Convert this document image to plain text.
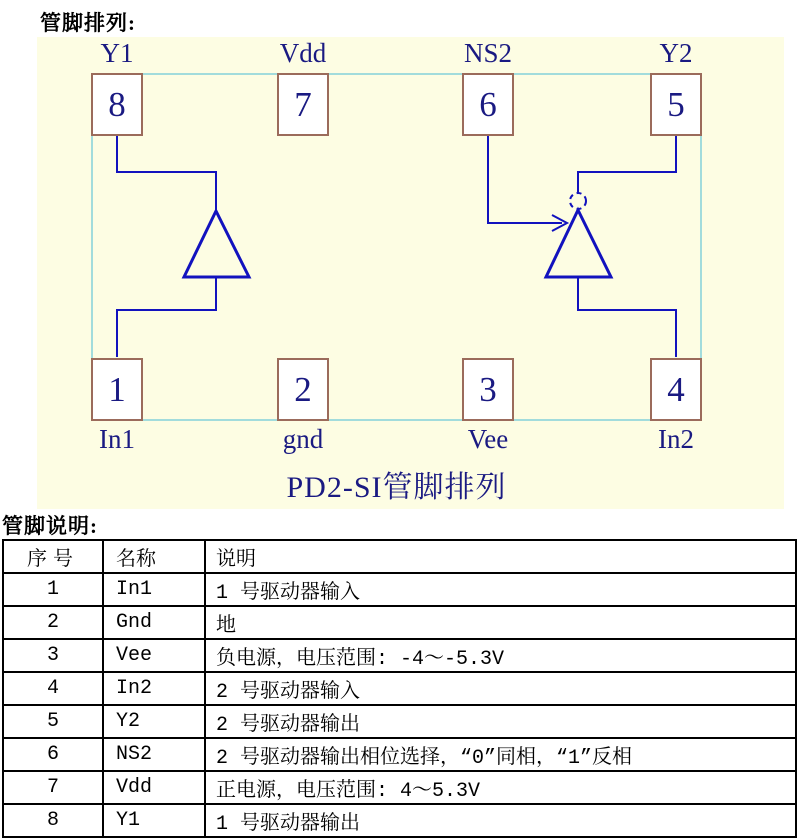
管脚排列:
Y1	Vdd	NS2	Y2
8	7	6	5
1	2	3	4
In1	gnd	Vee	In2
PD2-SI管脚排列
管脚说明:
序号	名称	说明
1	In1	1 号驱动器输入
2	Gnd	地
3	Vee	负电源，电压范围: -4～-5.3V
4	In2	2 号驱动器输入
5	Y2	2 号驱动器输出
6	NS2	2 号驱动器输出相位选择，“0”同相，“1”反相
7	Vdd	正电源，电压范围: 4～5.3V
8	Y1	1 号驱动器输出
